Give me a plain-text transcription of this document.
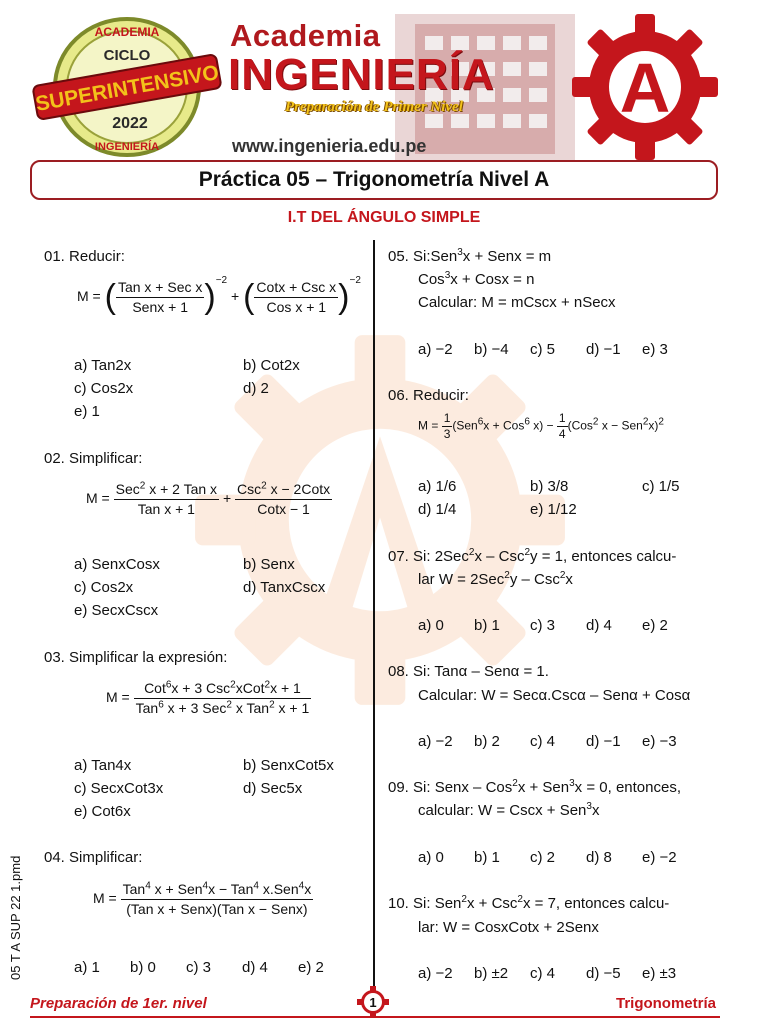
ACADEMIA
CICLO
SUPERINTENSIVO
2022
INGENIERÍA
Academia
INGENIERÍA
Preparación de Primer Nivel
www.ingenieria.edu.pe
A
Práctica 05 – Trigonometría Nivel A
I.T DEL ÁNGULO SIMPLE
01. Reducir:
M = ( $\frac{\text{Tan x + Sec x}}{\text{Senx + 1}} )^{-2}$ + ( $\frac{\text{Cotx + Csc x}}{\text{Cos x + 1}} )^{-2}$
a) Tan2x	b) Cot2x
c) Cos2x	d) 2
e) 1
02. Simplificar:
$M = \frac{Sec^2 x + 2 Tan x}{\text{Tan x + 1}} + \frac{Csc^2 x - 2Cotx}{\text{Cotx − 1}}$
a) SenxCosx	b) Senx
c) Cos2x	d) TanxCscx
e) SecxCscx
03. Simplificar la expresión:
$M = \frac{Cot^6x + 3 Csc^2xCot^2x + 1}{Tan^6 x + 3 Sec^2 x Tan^2 x + 1}$
a) Tan4x	b) SenxCot5x
c) SecxCot3x	d) Sec5x
e) Cot6x
04. Simplificar:
$M = \frac{Tan^4 x + Sen^4x - Tan^4 x.Sen^4x}{\text{(Tan x + Senx)(Tan x − Senx)}}$
a) 1 b) 0 c) 3 d) 4 e) 2
05 T A SUP 22 1.pmd
05. Si:Sen$^3$x + Senx = m
Cos$^3$x + Cosx = n
Calcular: M = mCscx + nSecx
a) −2 b) −4 c) 5 d) −1 e) 3
06. Reducir:
$M = \frac{1}{3} (Sen^6x + Cos^6$ $x) - \frac{1}{4} (Cos^2$ x − Sen$^2$x)$^2$
a) 1/6	b) 3/8	c) 1/5
d) 1/4	e) 1/12
07. Si: 2Sec$^2$x – Csc$^2$y = 1, entonces calcu-
lar W = 2Sec$^2$y – Csc$^2$x
a) 0 b) 1 c) 3 d) 4 e) 2
08. Si: Tanα – Senα = 1.
Calcular: W = Secα.Cscα – Senα + Cosα
a) −2 b) 2 c) 4 d) −1 e) −3
09. Si: Senx – Cos$^2$x + Sen$^3$x = 0, entonces,
calcular: W = Cscx + Sen$^3$x
a) 0 b) 1 c) 2 d) 8 e) −2
10. Si: Sen$^2$x + Csc$^2$x = 7, entonces calcu-
lar: W = CosxCotx + 2Senx
a) −2 b) ±2 c) 4 d) −5 e) ±3
Preparación de 1er. nivel	1	Trigonometría
